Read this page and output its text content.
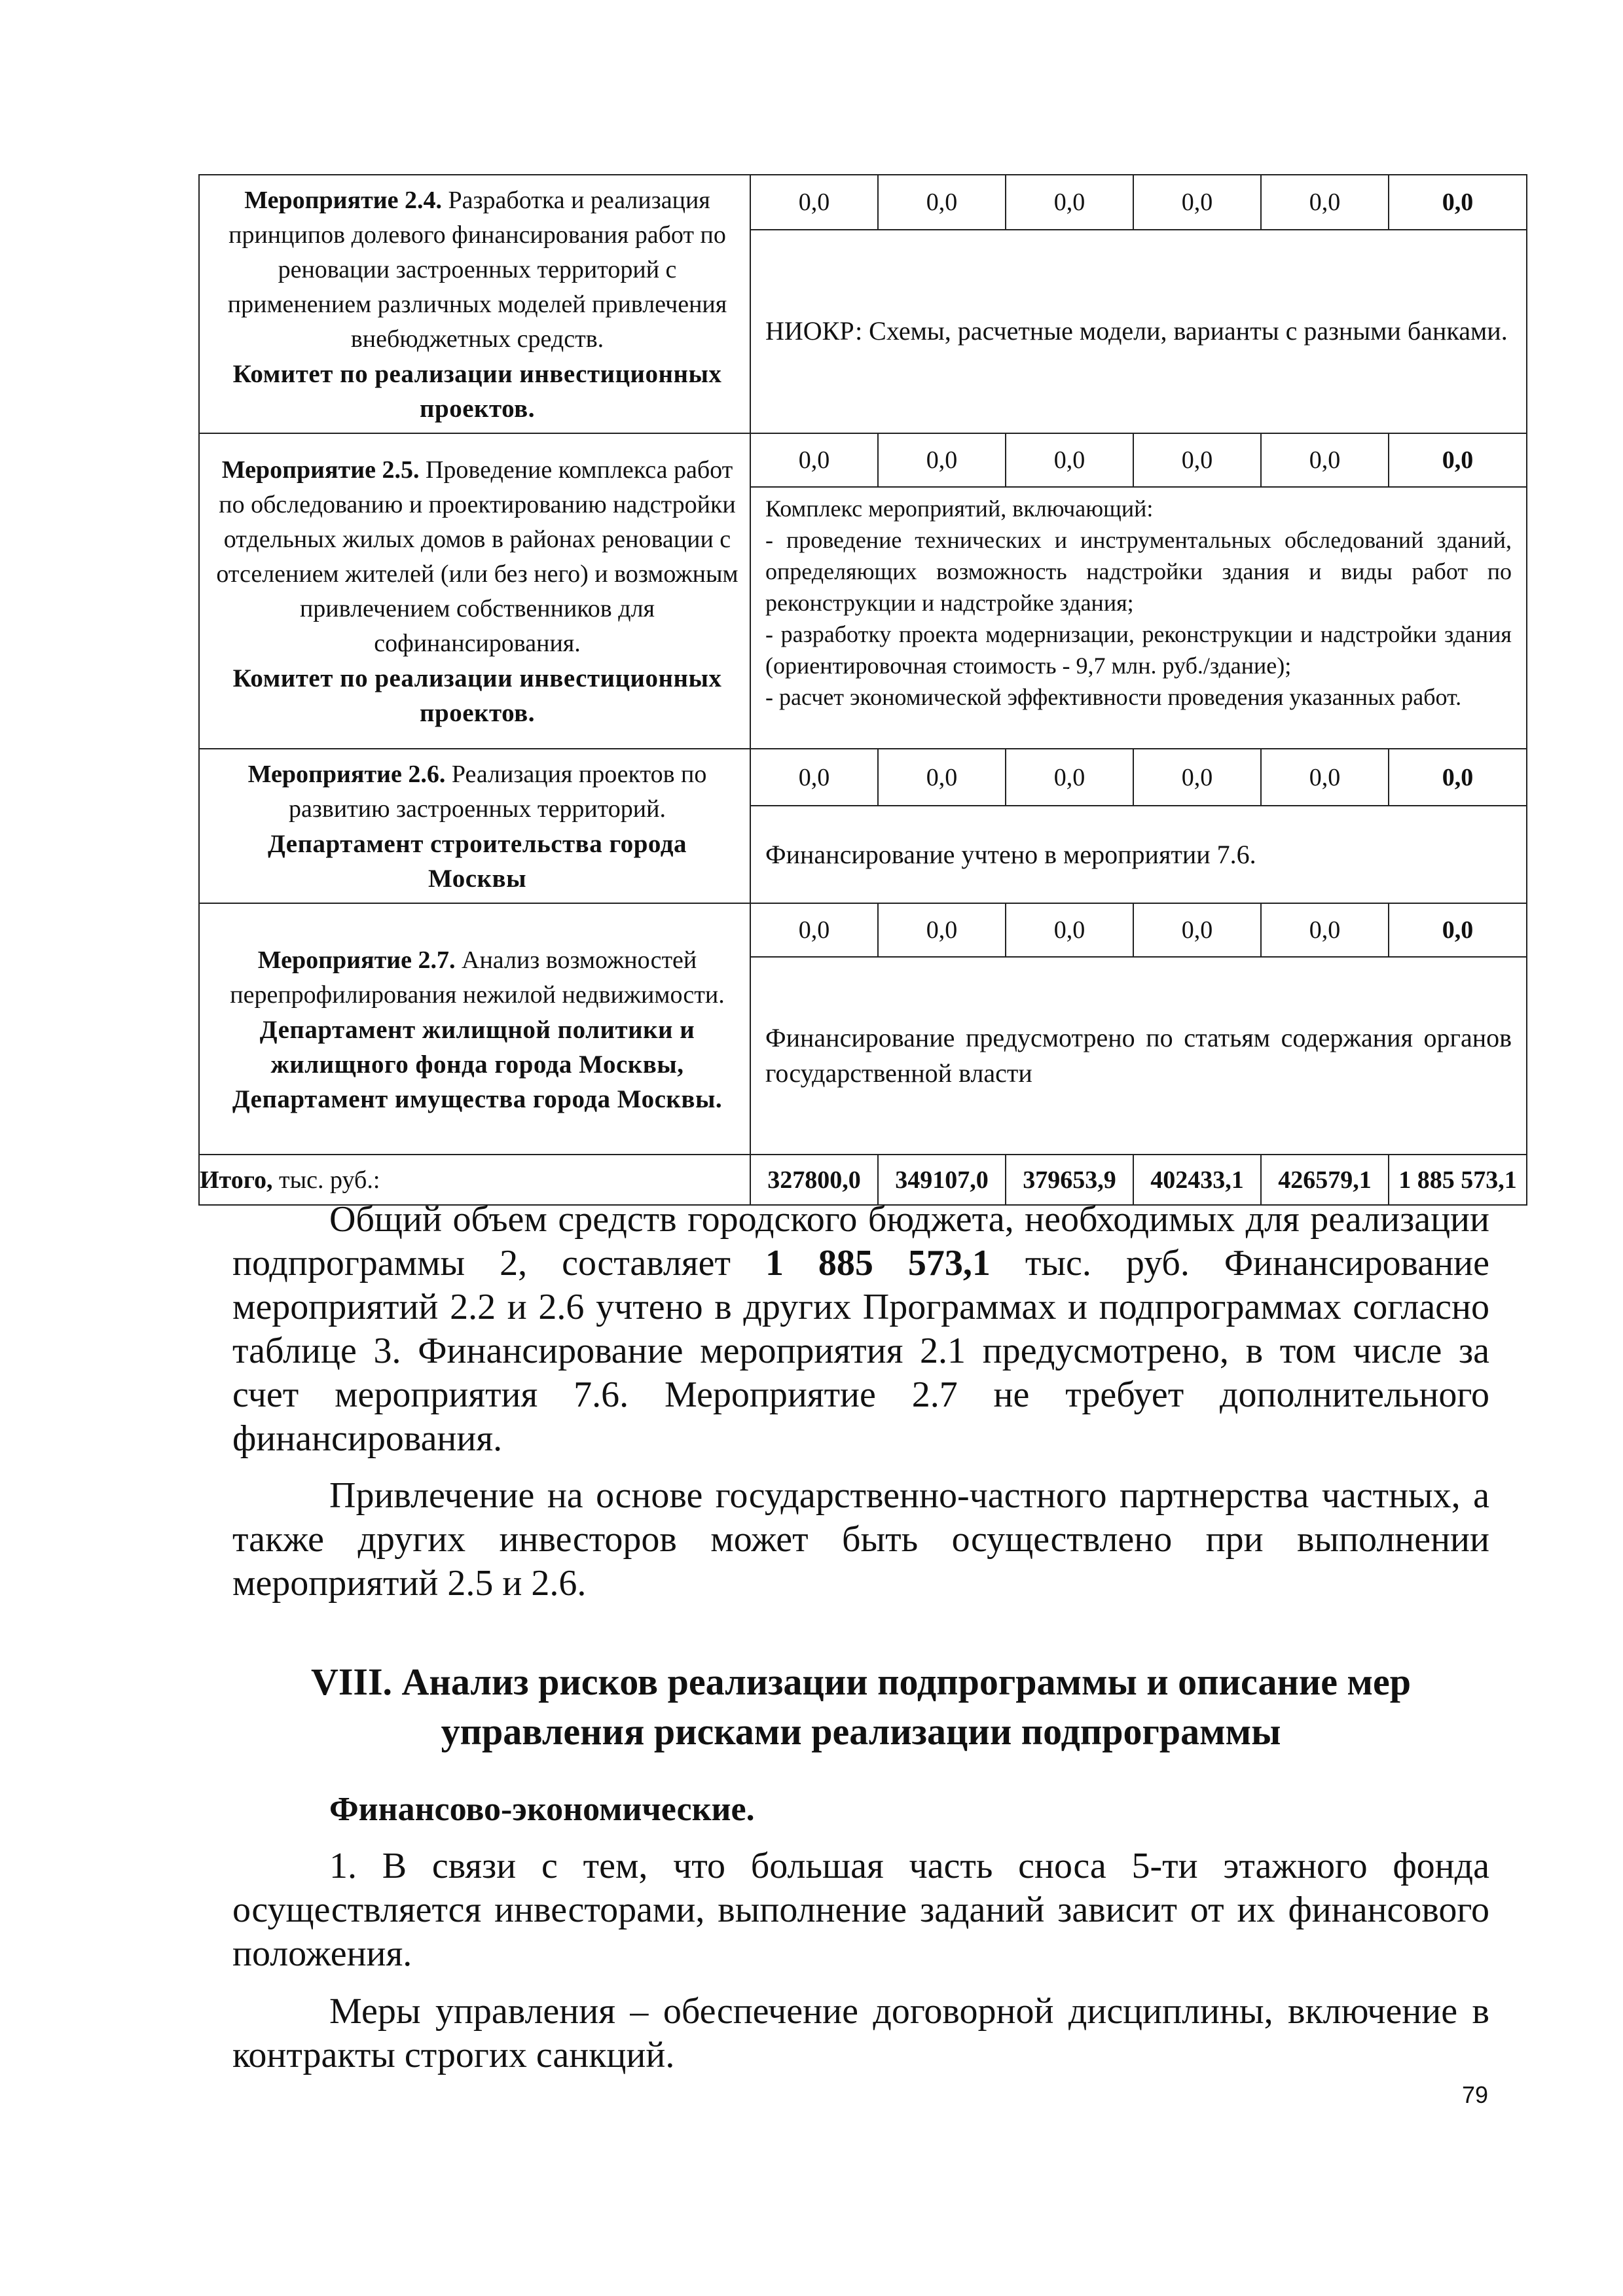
Мероприятие 2.4. Разработка и реализация принципов долевого финансирования работ по реновации застроенных территорий с применением различных моделей привлечения внебюджетных средств.
Комитет по реализации инвестиционных проектов.	0,0	0,0	0,0	0,0	0,0	0,0
	НИОКР: Схемы, расчетные модели, варианты с разными банками.					
Мероприятие 2.5. Проведение комплекса работ по обследованию и проектированию надстройки отдельных жилых домов в районах реновации с отселением жителей (или без него) и возможным привлечением собственников для софинансирования.
Комитет по реализации инвестиционных проектов.	0,0	0,0	0,0	0,0	0,0	0,0

	Комплекс мероприятий, включающий:
- проведение технических и инструментальных обследований зданий, определяющих возможность надстройки здания и виды работ по реконструкции и надстройке здания;
- разработку проекта модернизации, реконструкции и надстройки здания (ориентировочная стоимость - 9,7 млн. руб./здание);
- расчет экономической эффективности проведения указанных работ.					

Мероприятие 2.6. Реализация проектов по развитию застроенных территорий.
Департамент строительства города Москвы	0,0	0,0	0,0	0,0	0,0	0,0
	Финансирование учтено в мероприятии 7.6.					
Мероприятие 2.7. Анализ возможностей перепрофилирования нежилой недвижимости.
Департамент жилищной политики и жилищного фонда города Москвы, Департамент имущества города Москвы.	0,0	0,0	0,0	0,0	0,0	0,0
	Финансирование предусмотрено по статьям содержания органов государственной власти					
Итого, тыс. руб.:	327800,0	349107,0	379653,9	402433,1	426579,1	1 885 573,1

Общий объем средств городского бюджета, необходимых для реализации подпрограммы 2, составляет 1 885 573,1 тыс. руб. Финансирование мероприятий 2.2 и 2.6 учтено в других Программах и подпрограммах согласно таблице 3. Финансирование мероприятия 2.1 предусмотрено, в том числе за счет мероприятия 7.6. Мероприятие 2.7 не требует дополнительного финансирования.

Привлечение на основе государственно-частного партнерства частных, а также других инвесторов может быть осуществлено при выполнении мероприятий 2.5 и 2.6.

VIII. Анализ рисков реализации подпрограммы и описание мер
управления рисками реализации подпрограммы
Финансово-экономические.

1. В связи с тем, что большая часть сноса 5-ти этажного фонда осуществляется инвесторами, выполнение заданий зависит от их финансового положения.

Меры управления – обеспечение договорной дисциплины, включение в контракты строгих санкций.

79
